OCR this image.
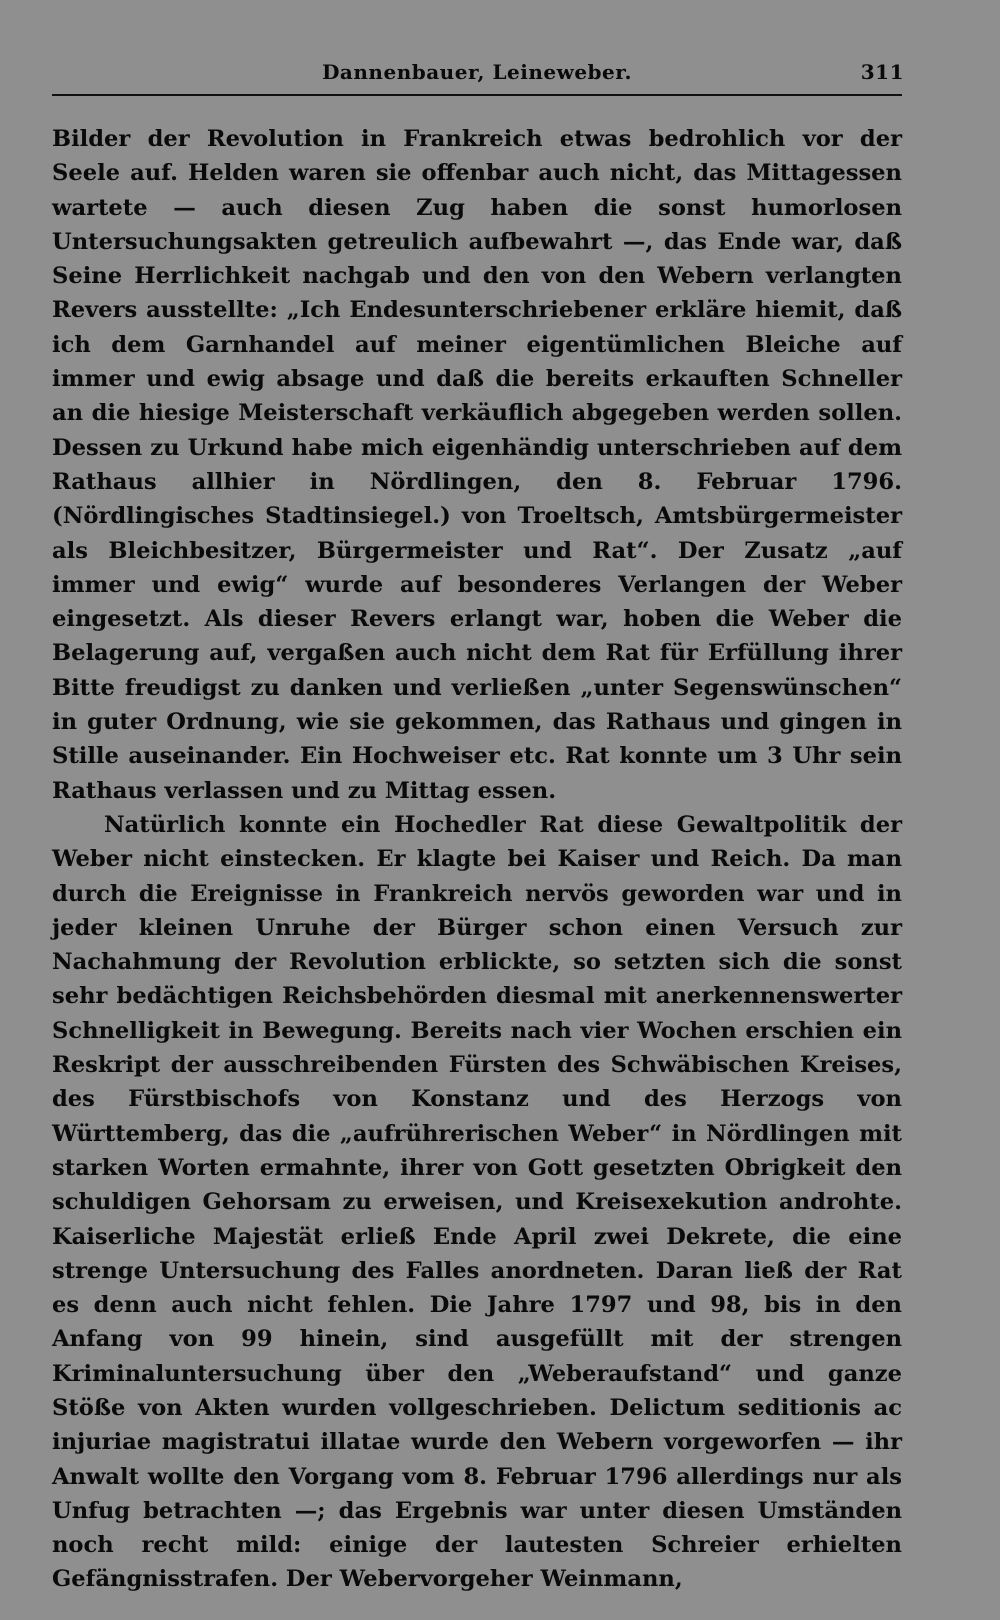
Dannenbauer, Leineweber.	311

Bilder der Revolution in Frankreich etwas bedrohlich vor der Seele auf. Helden waren sie offenbar auch nicht, das Mittagessen wartete — auch diesen Zug haben die sonst humorlosen Untersuchungsakten getreulich aufbewahrt —, das Ende war, daß Seine Herrlichkeit nachgab und den von den Webern verlangten Revers ausstellte: „Ich Endesunterschriebener erkläre hiemit, daß ich dem Garnhandel auf meiner eigentümlichen Bleiche auf immer und ewig absage und daß die bereits erkauften Schneller an die hiesige Meisterschaft verkäuflich abgegeben werden sollen. Dessen zu Urkund habe mich eigenhändig unterschrieben auf dem Rathaus allhier in Nördlingen, den 8. Februar 1796. (Nördlingisches Stadtinsiegel.) von Troeltsch, Amtsbürgermeister als Bleichbesitzer, Bürgermeister und Rat“. Der Zusatz „auf immer und ewig“ wurde auf besonderes Verlangen der Weber eingesetzt. Als dieser Revers erlangt war, hoben die Weber die Belagerung auf, vergaßen auch nicht dem Rat für Erfüllung ihrer Bitte freudigst zu danken und verließen „unter Segenswünschen“ in guter Ordnung, wie sie gekommen, das Rathaus und gingen in Stille auseinander. Ein Hochweiser etc. Rat konnte um 3 Uhr sein Rathaus verlassen und zu Mittag essen.

Natürlich konnte ein Hochedler Rat diese Gewaltpolitik der Weber nicht einstecken. Er klagte bei Kaiser und Reich. Da man durch die Ereignisse in Frankreich nervös geworden war und in jeder kleinen Unruhe der Bürger schon einen Versuch zur Nachahmung der Revolution erblickte, so setzten sich die sonst sehr bedächtigen Reichsbehörden diesmal mit anerkennenswerter Schnelligkeit in Bewegung. Bereits nach vier Wochen erschien ein Reskript der ausschreibenden Fürsten des Schwäbischen Kreises, des Fürstbischofs von Konstanz und des Herzogs von Württemberg, das die „aufrührerischen Weber“ in Nördlingen mit starken Worten ermahnte, ihrer von Gott gesetzten Obrigkeit den schuldigen Gehorsam zu erweisen, und Kreisexekution androhte. Kaiserliche Majestät erließ Ende April zwei Dekrete, die eine strenge Untersuchung des Falles anordneten. Daran ließ der Rat es denn auch nicht fehlen. Die Jahre 1797 und 98, bis in den Anfang von 99 hinein, sind ausgefüllt mit der strengen Kriminaluntersuchung über den „Weberaufstand“ und ganze Stöße von Akten wurden vollgeschrieben. Delictum seditionis ac injuriae magistratui illatae wurde den Webern vorgeworfen — ihr Anwalt wollte den Vorgang vom 8. Februar 1796 allerdings nur als Unfug betrachten —; das Ergebnis war unter diesen Umständen noch recht mild: einige der lautesten Schreier erhielten Gefängnisstrafen. Der Webervorgeher Weinmann,
